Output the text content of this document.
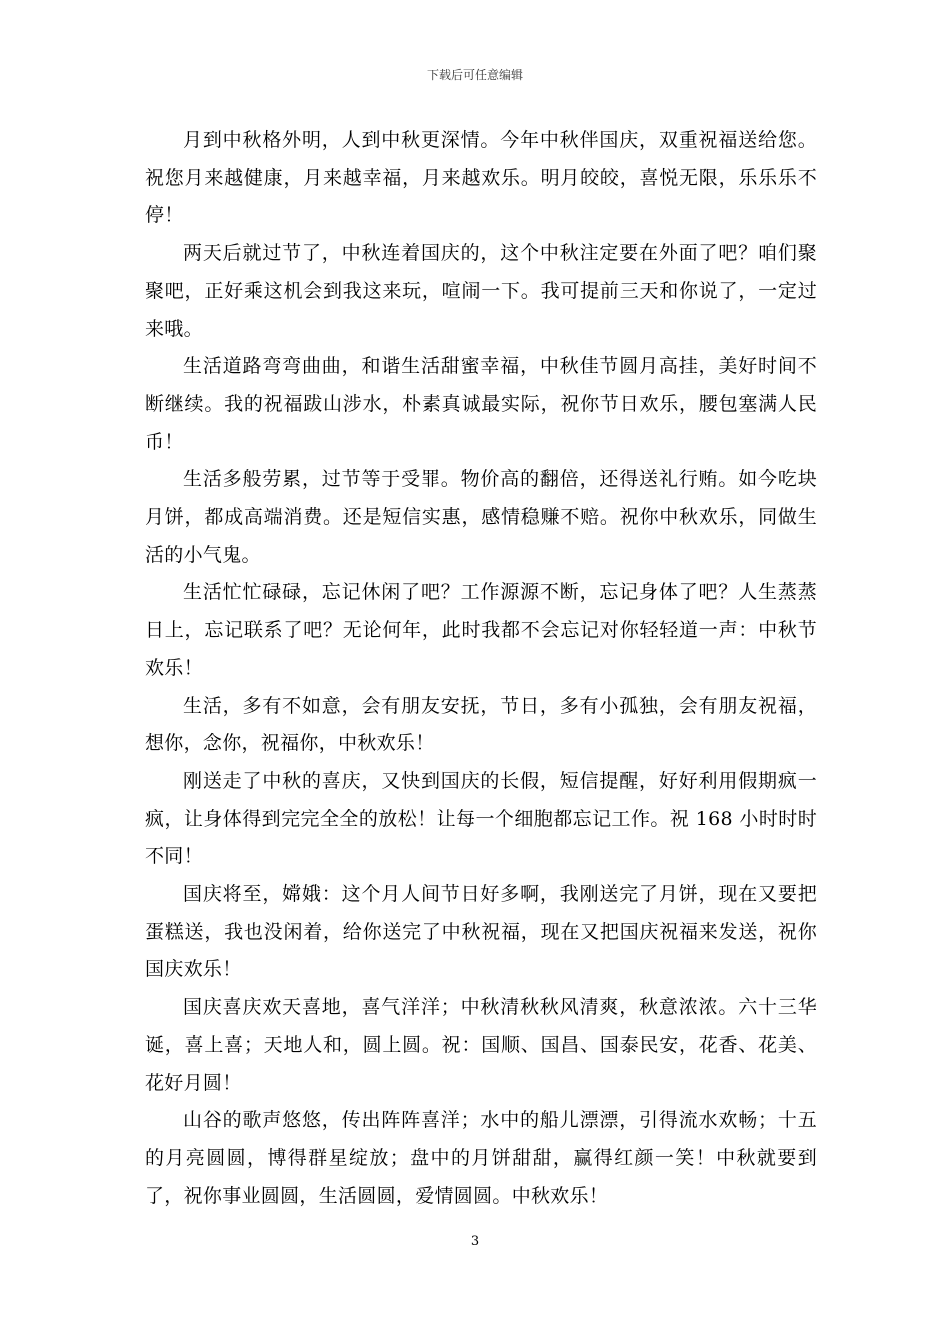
下载后可任意编辑

月到中秋格外明，人到中秋更深情。今年中秋伴国庆，双重祝福送给您。祝您月来越健康，月来越幸福，月来越欢乐。明月皎皎，喜悦无限，乐乐乐不停！

两天后就过节了，中秋连着国庆的，这个中秋注定要在外面了吧？咱们聚聚吧，正好乘这机会到我这来玩，喧闹一下。我可提前三天和你说了，一定过来哦。

生活道路弯弯曲曲，和谐生活甜蜜幸福，中秋佳节圆月高挂，美好时间不断继续。我的祝福跋山涉水，朴素真诚最实际，祝你节日欢乐，腰包塞满人民币！

生活多般劳累，过节等于受罪。物价高的翻倍，还得送礼行贿。如今吃块月饼，都成高端消费。还是短信实惠，感情稳赚不赔。祝你中秋欢乐，同做生活的小气鬼。

生活忙忙碌碌，忘记休闲了吧？工作源源不断，忘记身体了吧？人生蒸蒸日上，忘记联系了吧？无论何年，此时我都不会忘记对你轻轻道一声：中秋节欢乐！

生活，多有不如意，会有朋友安抚，节日，多有小孤独，会有朋友祝福，想你，念你，祝福你，中秋欢乐！

刚送走了中秋的喜庆，又快到国庆的长假，短信提醒，好好利用假期疯一疯，让身体得到完完全全的放松！让每一个细胞都忘记工作。祝 168 小时时时不同！

国庆将至，嫦娥：这个月人间节日好多啊，我刚送完了月饼，现在又要把蛋糕送，我也没闲着，给你送完了中秋祝福，现在又把国庆祝福来发送，祝你国庆欢乐！

国庆喜庆欢天喜地，喜气洋洋；中秋清秋秋风清爽，秋意浓浓。六十三华诞，喜上喜；天地人和，圆上圆。祝：国顺、国昌、国泰民安，花香、花美、花好月圆！

山谷的歌声悠悠，传出阵阵喜洋；水中的船儿漂漂，引得流水欢畅；十五的月亮圆圆，博得群星绽放；盘中的月饼甜甜，赢得红颜一笑！中秋就要到了，祝你事业圆圆，生活圆圆，爱情圆圆。中秋欢乐！

3
